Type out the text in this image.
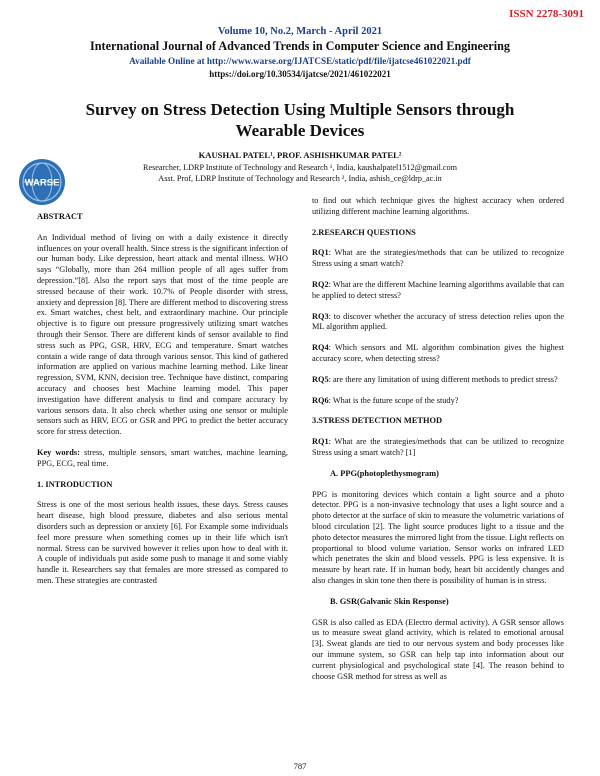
ISSN 2278-3091
Volume 10, No.2, March - April 2021
International Journal of Advanced Trends in Computer Science and Engineering
Available Online at http://www.warse.org/IJATCSE/static/pdf/file/ijatcse461022021.pdf
https://doi.org/10.30534/ijatcse/2021/461022021
WARSE
Survey on Stress Detection Using Multiple Sensors through Wearable Devices
KAUSHAL PATEL¹, PROF. ASHISHKUMAR PATEL²
Researcher, LDRP Institute of Technology and Research ¹, India, kaushalpatel1512@gmail.com
Asst. Prof, LDRP Institute of Technology and Research ², India, ashish_ce@ldrp_ac.in
ABSTRACT

An Individual method of living on with a daily existence it directly influences on your overall health. Since stress is the significant infection of our human body. Like depression, heart attack and mental illness. WHO says “Globally, more than 264 million people of all ages suffer from depression.”[8]. Also the report says that most of the time people are stressed because of their work. 10.7% of People disorder with stress, anxiety and depression [8]. There are different method to discovering stress ex. Smart watches, chest belt, and extraordinary machine. Our principle objective is to figure out pressure progressively utilizing smart watches through their Sensor. There are different kinds of sensor available to find stress such as PPG, GSR, HRV, ECG and temperature. Smart watches contain a wide range of data through various sensor. This kind of gathered information are applied on various machine learning method. Like linear regression, SVM, KNN, decision tree. Technique have distinct, comparing accuracy and chooses best Machine learning model. This paper investigation have different analysis to find and compare accuracy by various sensors data. It also check whether using one sensor or multiple sensors such as HRV, ECG or GSR and PPG to predict the better accuracy score for stress detection.

Key words: stress, multiple sensors, smart watches, machine learning, PPG, ECG, real time.

1. INTRODUCTION

Stress is one of the most serious health issues, these days. Stress causes heart disease, high blood pressure, diabetes and also serious mental disorders such as depression or anxiety [6]. For Example some individuals feel more pressure when something comes up in their life which isn't normal. Stress can be survived however it relies upon how to deal with it. A couple of individuals put aside some push to manage it and some viably handle it. Researchers say that females are more stressed as compared to men. These strategies are contrasted

to find out which technique gives the highest accuracy when ordered utilizing different machine learning algorithms.

2.RESEARCH QUESTIONS

RQ1: What are the strategies/methods that can be utilized to recognize Stress using a smart watch?

RQ2: What are the different Machine learning algorithms available that can be applied to detect stress?

RQ3: to discover whether the accuracy of stress detection relies upon the ML algorithm applied.

RQ4: Which sensors and ML algorithm combination gives the highest accuracy score, when detecting stress?

RQ5: are there any limitation of using different methods to predict stress?

RQ6: What is the future scope of the study?

3.STRESS DETECTION METHOD

RQ1: What are the strategies/methods that can be utilized to recognize Stress using a smart watch? [1]

A. PPG(photoplethysmogram)

PPG is monitoring devices which contain a light source and a photo detector. PPG is a non-invasive technology that uses a light source and a photo detector at the surface of skin to measure the volumetric variations of blood circulation [2]. The light source produces light to a tissue and the photo detector measures the mirrored light from the tissue. Light reflects on proportional to blood volume variation. Sensor works on infrared LED which penetrates the skin and blood vessels. PPG is less expensive. It is measure by heart rate. If in human body, heart bit accidently changes and also changes in skin tone then there is possibility of human is in stress.

B. GSR(Galvanic Skin Response)

GSR is also called as EDA (Electro dermal activity). A GSR sensor allows us to measure sweat gland activity, which is related to emotional arousal [3]. Sweat glands are tied to our nervous system and body processes like our immune system, so GSR can help tap into information about our current physiological and psychological state [4]. The reason behind to choose GSR method for stress as well as

787
